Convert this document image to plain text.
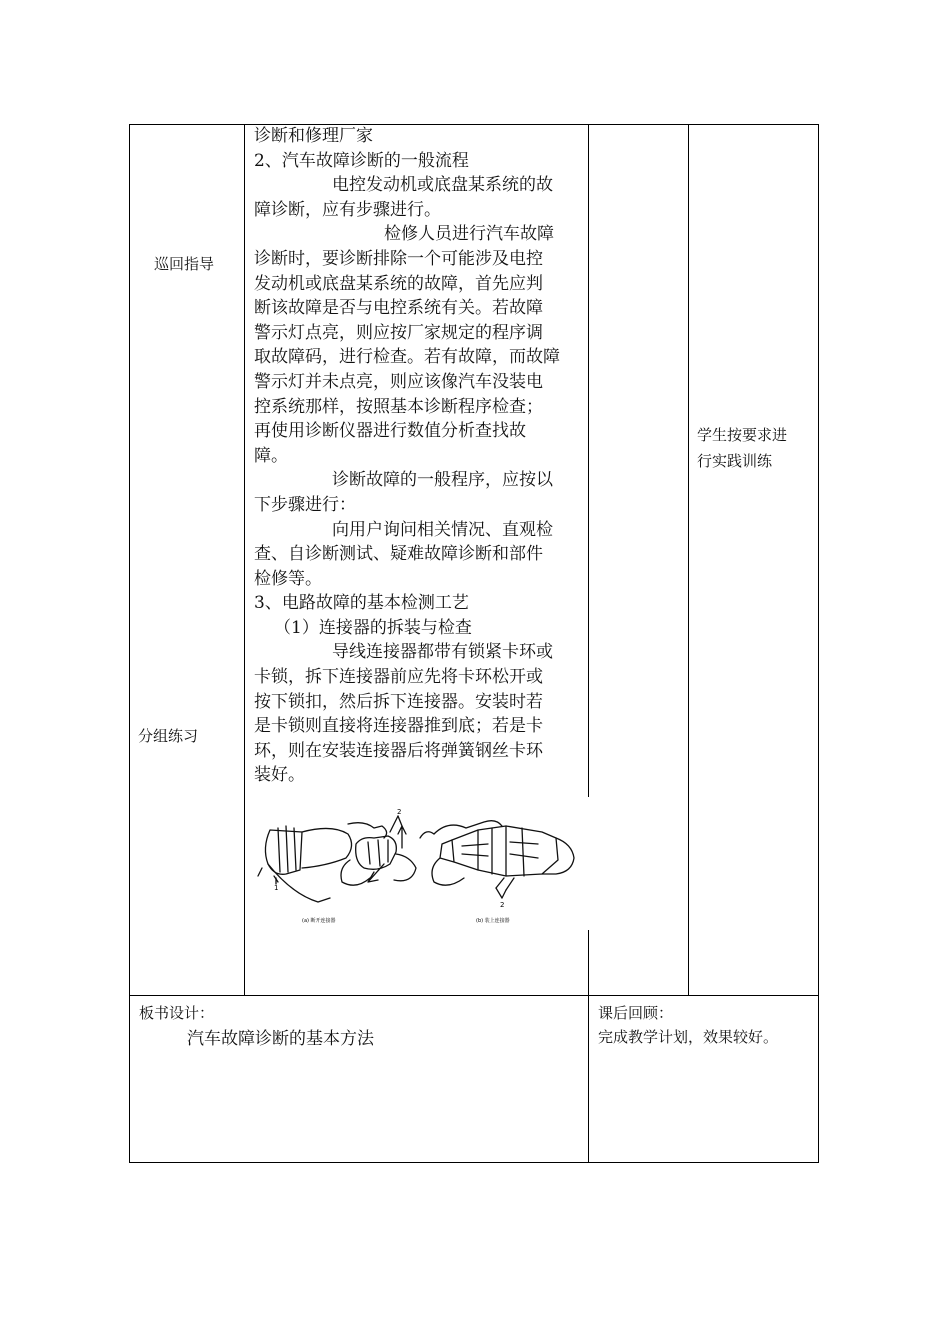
巡回指导
分组练习
诊断和修理厂家
2、汽车故障诊断的一般流程
电控发动机或底盘某系统的故
障诊断，应有步骤进行。
检修人员进行汽车故障
诊断时，要诊断排除一个可能涉及电控
发动机或底盘某系统的故障，首先应判
断该故障是否与电控系统有关。若故障
警示灯点亮，则应按厂家规定的程序调
取故障码，进行检查。若有故障，而故障
警示灯并未点亮，则应该像汽车没装电
控系统那样，按照基本诊断程序检查；
再使用诊断仪器进行数值分析查找故
障。
诊断故障的一般程序，应按以
下步骤进行：
向用户询问相关情况、直观检
查、自诊断测试、疑难故障诊断和部件
检修等。
3、电路故障的基本检测工艺
（1）连接器的拆装与检查
导线连接器都带有锁紧卡环或
卡锁，拆下连接器前应先将卡环松开或
按下锁扣，然后拆下连接器。安装时若
是卡锁则直接将连接器推到底；若是卡
环，则在安装连接器后将弹簧钢丝卡环
装好。
1
2
2
(a) 断开连接器	(b) 装上连接器
学生按要求进
行实践训练
板书设计：
汽车故障诊断的基本方法
课后回顾：
完成教学计划，效果较好。
